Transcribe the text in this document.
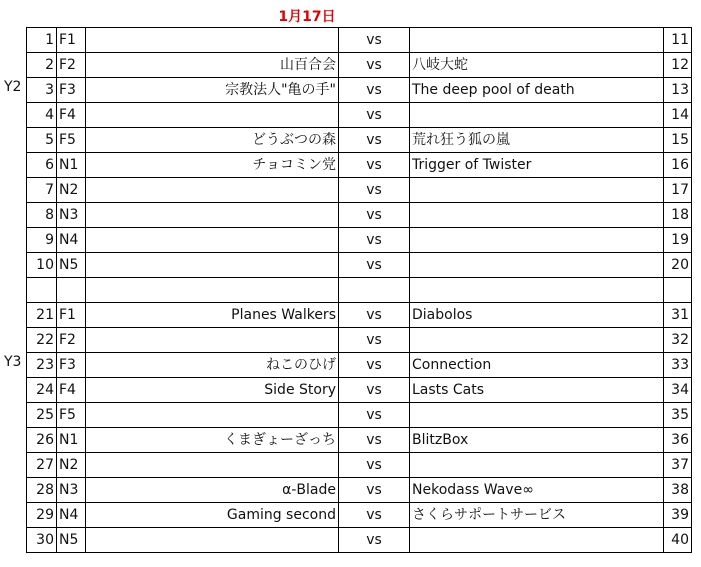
1月17日
Y2
Y3
1	F1		vs		11
2	F2	山百合会	vs	八岐大蛇	12
3	F3	宗教法人"亀の手"	vs	The deep pool of death	13
4	F4		vs		14
5	F5	どうぶつの森	vs	荒れ狂う狐の嵐	15
6	N1	チョコミン党	vs	Trigger of Twister	16
7	N2		vs		17
8	N3		vs		18
9	N4		vs		19
10	N5		vs		20

21	F1	Planes Walkers	vs	Diabolos	31
22	F2		vs		32
23	F3	ねこのひげ	vs	Connection	33
24	F4	Side Story	vs	Lasts Cats	34
25	F5		vs		35
26	N1	くまぎょーざっち	vs	BlitzBox	36
27	N2		vs		37
28	N3	α-Blade	vs	Nekodass Wave∞	38
29	N4	Gaming second	vs	さくらサポートサービス	39
30	N5		vs		40
